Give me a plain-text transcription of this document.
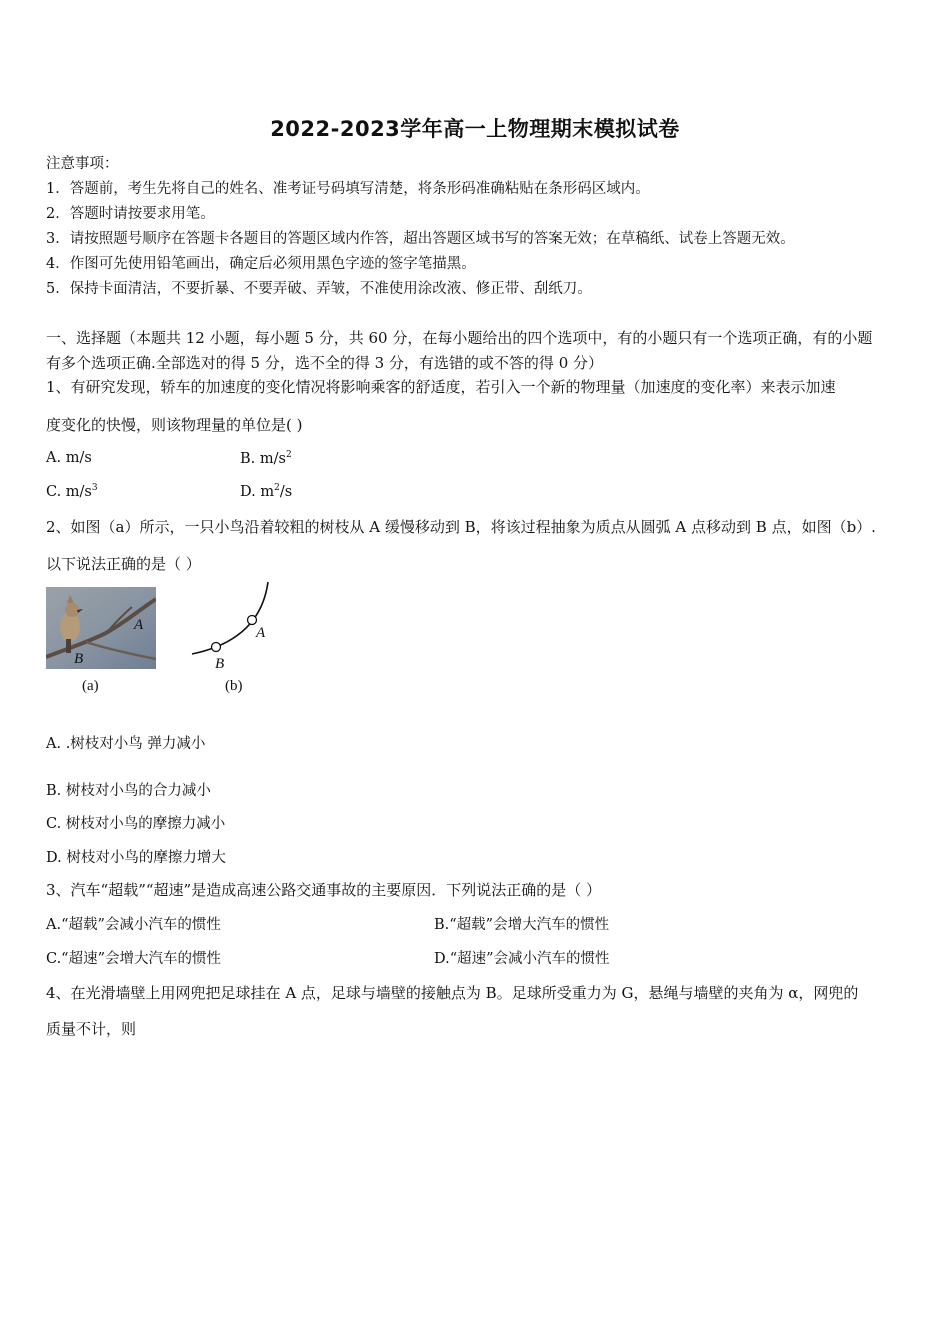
2022-2023学年高一上物理期末模拟试卷
注意事项：
1．答题前，考生先将自己的姓名、准考证号码填写清楚，将条形码准确粘贴在条形码区域内。
2．答题时请按要求用笔。
3．请按照题号顺序在答题卡各题目的答题区域内作答，超出答题区域书写的答案无效；在草稿纸、试卷上答题无效。
4．作图可先使用铅笔画出，确定后必须用黑色字迹的签字笔描黑。
5．保持卡面清洁，不要折暴、不要弄破、弄皱，不准使用涂改液、修正带、刮纸刀。
一、选择题（本题共 12 小题，每小题 5 分，共 60 分，在每小题给出的四个选项中，有的小题只有一个选项正确，有的小题
有多个选项正确.全部选对的得 5 分，选不全的得 3 分，有选错的或不答的得 0 分）
1、有研究发现，轿车的加速度的变化情况将影响乘客的舒适度，若引入一个新的物理量（加速度的变化率）来表示加速
度变化的快慢，则该物理量的单位是( )
A. m/s	B. $m/s^2$
C. $m/s^3$	D. $m^2/s$
2、如图（a）所示，一只小鸟沿着较粗的树枝从 A 缓慢移动到 B，将该过程抽象为质点从圆弧 A 点移动到 B 点，如图（b）.
以下说法正确的是（ ）
A
B
(a)
A
B
(b)
A. .树枝对小鸟 弹力减小
B. 树枝对小鸟的合力减小
C. 树枝对小鸟的摩擦力减小
D. 树枝对小鸟的摩擦力增大
3、汽车“超载”“超速”是造成高速公路交通事故的主要原因．下列说法正确的是（ ）
A.“超载”会减小汽车的惯性	B.“超载”会增大汽车的惯性
C.“超速”会增大汽车的惯性	D.“超速”会减小汽车的惯性
4、在光滑墙壁上用网兜把足球挂在 A 点，足球与墙壁的接触点为 B。足球所受重力为 G，悬绳与墙壁的夹角为 α，网兜的
质量不计，则
